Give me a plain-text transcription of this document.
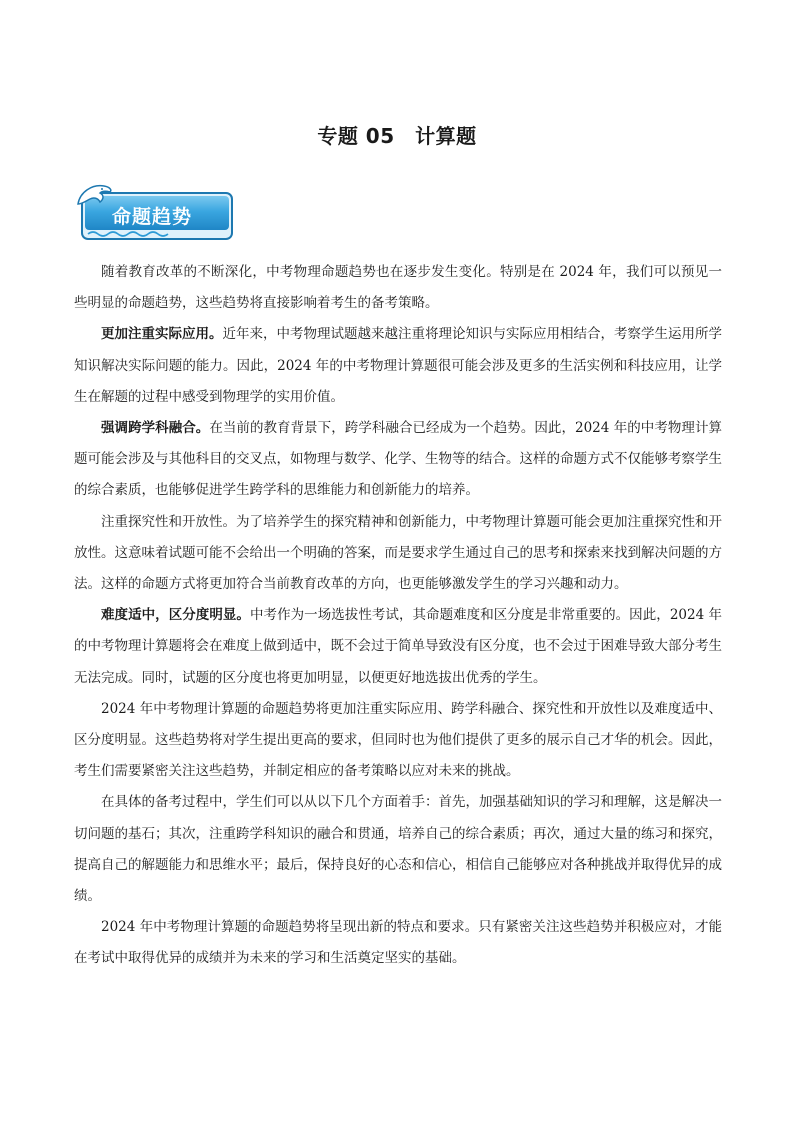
专题 05　计算题
命题趋势

随着教育改革的不断深化，中考物理命题趋势也在逐步发生变化。特别是在 2024 年，我们可以预见一些明显的命题趋势，这些趋势将直接影响着考生的备考策略。

更加注重实际应用。近年来，中考物理试题越来越注重将理论知识与实际应用相结合，考察学生运用所学知识解决实际问题的能力。因此，2024 年的中考物理计算题很可能会涉及更多的生活实例和科技应用，让学生在解题的过程中感受到物理学的实用价值。

强调跨学科融合。在当前的教育背景下，跨学科融合已经成为一个趋势。因此，2024 年的中考物理计算题可能会涉及与其他科目的交叉点，如物理与数学、化学、生物等的结合。这样的命题方式不仅能够考察学生的综合素质，也能够促进学生跨学科的思维能力和创新能力的培养。

注重探究性和开放性。为了培养学生的探究精神和创新能力，中考物理计算题可能会更加注重探究性和开放性。这意味着试题可能不会给出一个明确的答案，而是要求学生通过自己的思考和探索来找到解决问题的方法。这样的命题方式将更加符合当前教育改革的方向，也更能够激发学生的学习兴趣和动力。

难度适中，区分度明显。中考作为一场选拔性考试，其命题难度和区分度是非常重要的。因此，2024 年的中考物理计算题将会在难度上做到适中，既不会过于简单导致没有区分度，也不会过于困难导致大部分考生无法完成。同时，试题的区分度也将更加明显，以便更好地选拔出优秀的学生。

2024 年中考物理计算题的命题趋势将更加注重实际应用、跨学科融合、探究性和开放性以及难度适中、区分度明显。这些趋势将对学生提出更高的要求，但同时也为他们提供了更多的展示自己才华的机会。因此，考生们需要紧密关注这些趋势，并制定相应的备考策略以应对未来的挑战。

在具体的备考过程中，学生们可以从以下几个方面着手：首先，加强基础知识的学习和理解，这是解决一切问题的基石；其次，注重跨学科知识的融合和贯通，培养自己的综合素质；再次，通过大量的练习和探究，提高自己的解题能力和思维水平；最后，保持良好的心态和信心，相信自己能够应对各种挑战并取得优异的成绩。

2024 年中考物理计算题的命题趋势将呈现出新的特点和要求。只有紧密关注这些趋势并积极应对，才能在考试中取得优异的成绩并为未来的学习和生活奠定坚实的基础。
